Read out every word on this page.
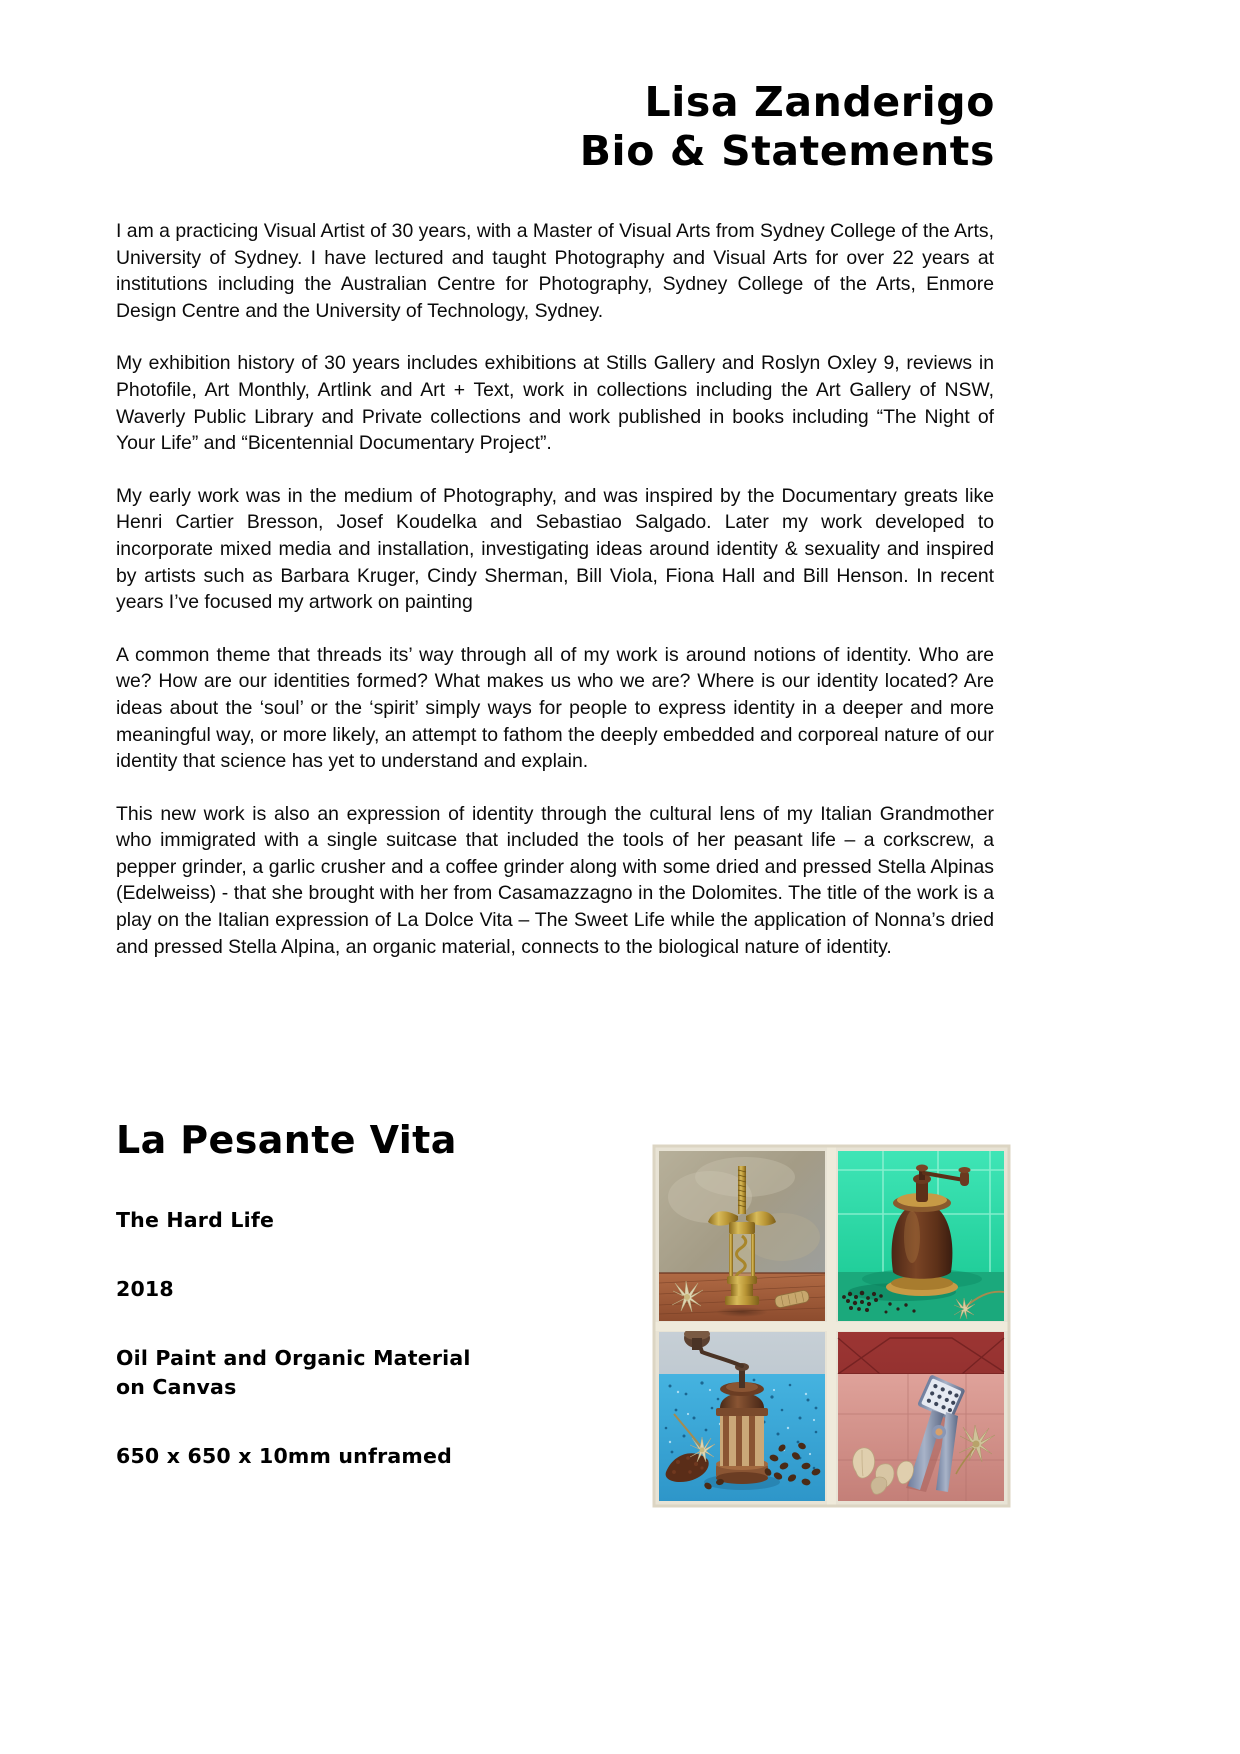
Lisa Zanderigo
Bio & Statements

I am a practicing Visual Artist of 30 years, with a Master of Visual Arts from Sydney College of the Arts, University of Sydney. I have lectured and taught Photography and Visual Arts for over 22 years at institutions including the Australian Centre for Photography, Sydney College of the Arts, Enmore Design Centre and the University of Technology, Sydney.

My exhibition history of 30 years includes exhibitions at Stills Gallery and Roslyn Oxley 9, reviews in Photofile, Art Monthly, Artlink and Art + Text, work in collections including the Art Gallery of NSW, Waverly Public Library and Private collections and work published in books including “The Night of Your Life” and “Bicentennial Documentary Project”.

My early work was in the medium of Photography, and was inspired by the Documentary greats like Henri Cartier Bresson, Josef Koudelka and Sebastiao Salgado. Later my work developed to incorporate mixed media and installation, investigating ideas around identity & sexuality and inspired by artists such as Barbara Kruger, Cindy Sherman, Bill Viola, Fiona Hall and Bill Henson. In recent years I’ve focused my artwork on painting

A common theme that threads its’ way through all of my work is around notions of identity. Who are we? How are our identities formed? What makes us who we are? Where is our identity located? Are ideas about the ‘soul’ or the ‘spirit’ simply ways for people to express identity in a deeper and more meaningful way, or more likely, an attempt to fathom the deeply embedded and corporeal nature of our identity that science has yet to understand and explain.

This new work is also an expression of identity through the cultural lens of my Italian Grandmother who immigrated with a single suitcase that included the tools of her peasant life – a corkscrew, a pepper grinder, a garlic crusher and a coffee grinder along with some dried and pressed Stella Alpinas (Edelweiss) - that she brought with her from Casamazzagno in the Dolomites. The title of the work is a play on the Italian expression of La Dolce Vita – The Sweet Life while the application of Nonna’s dried and pressed Stella Alpina, an organic material, connects to the biological nature of identity.

La Pesante Vita

The Hard Life

2018

Oil Paint and Organic Material
on Canvas

650 x 650 x 10mm unframed
